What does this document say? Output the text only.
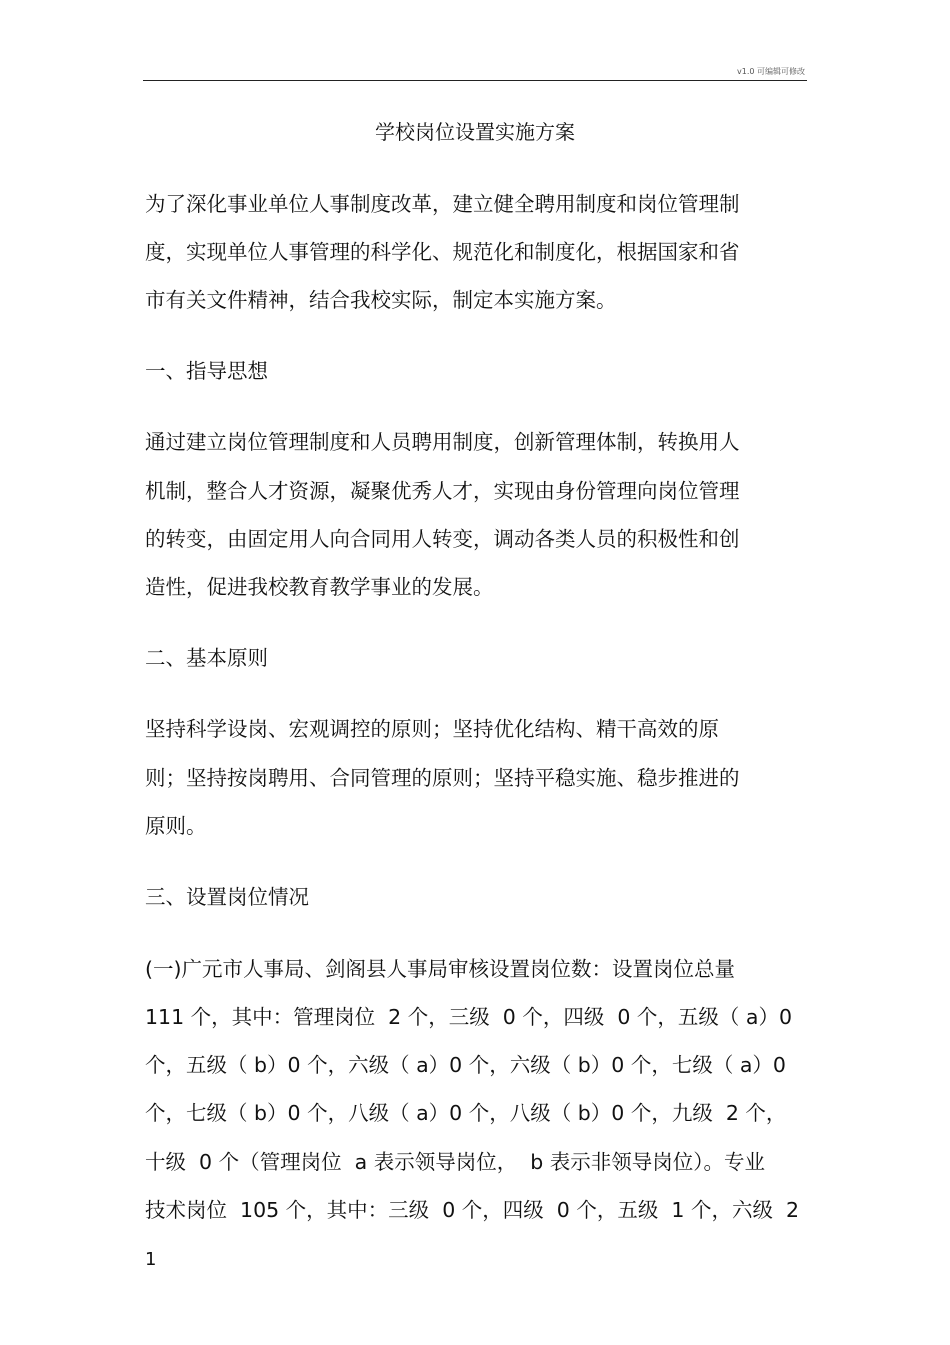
v1.0 可编辑可修改
学校岗位设置实施方案
为了深化事业单位人事制度改革，建立健全聘用制度和岗位管理制
度，实现单位人事管理的科学化、规范化和制度化，根据国家和省
市有关文件精神，结合我校实际，制定本实施方案。
一、指导思想
通过建立岗位管理制度和人员聘用制度，创新管理体制，转换用人
机制，整合人才资源，凝聚优秀人才，实现由身份管理向岗位管理
的转变，由固定用人向合同用人转变，调动各类人员的积极性和创
造性，促进我校教育教学事业的发展。
二、基本原则
坚持科学设岗、宏观调控的原则；坚持优化结构、精干高效的原
则；坚持按岗聘用、合同管理的原则；坚持平稳实施、稳步推进的
原则。
三、设置岗位情况
(一)广元市人事局、剑阁县人事局审核设置岗位数：设置岗位总量
111 个，其中：管理岗位  2 个，三级  0 个，四级  0 个，五级（ a）0
个，五级（ b）0 个，六级（ a）0 个，六级（ b）0 个，七级（ a）0
个，七级（ b）0 个，八级（ a）0 个，八级（ b）0 个，九级  2 个，
十级  0 个（管理岗位  a 表示领导岗位，  b 表示非领导岗位）。专业
技术岗位  105 个，其中：三级  0 个，四级  0 个，五级  1 个，六级  2
1
